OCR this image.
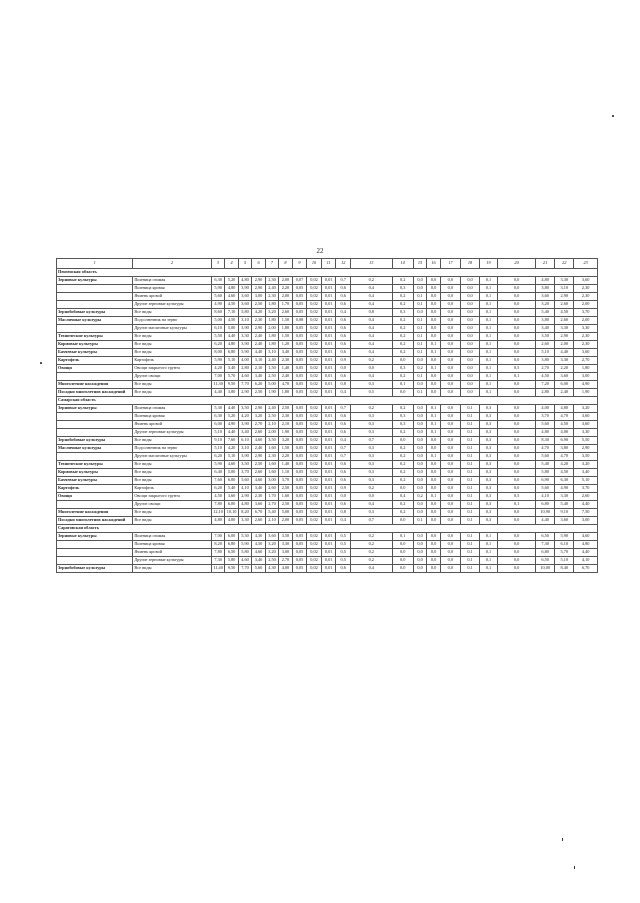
22
1	2	3	4	5	6	7	8	9	10	11	12	13	14	15	16	17	18	19	20	21	22	23
Пензенская область																						
Зерновые культуры	Пшеница озимая	6,30	5,20	4,80	2,90	2,30	2,00	0,07	0,02	0,01	0,7	0,2	0,2	0,0	0,0	0,0	0,0	0,1	0,0	4,80	3,30	3,60
	Пшеница яровая	5,90	4,80	3,90	2,90	2,40	2,20	0,05	0,02	0,01	0,6	0,4	0,3	0,0	0,0	0,0	0,0	0,1	0,0	3,80	3,10	2,30
	Ячмень яровой	5,60	4,60	3,60	3,00	2,30	2,00	0,05	0,02	0,01	0,6	0,4	0,2	0,1	0,0	0,0	0,0	0,1	0,0	3,60	2,90	2,30
	Другие зерновые культуры	4,90	4,50	3,60	2,50	1,80	1,70	0,05	0,02	0,01	0,6	0,4	0,2	0,1	0,0	0,0	0,0	0,1	0,0	3,20	2,60	2,00
Зернобобовые культуры	Все виды	8,60	7,10	5,80	4,20	3,20	2,60	0,05	0,02	0,01	0,4	0,8	0,3	0,0	0,0	0,0	0,0	0,1	0,0	5,40	4,50	3,70
Масличные культуры	Подсолнечник на зерно	5,00	4,50	3,10	2,30	1,80	1,50	0,08	0,02	0,01	0,6	0,4	0,2	0,1	0,0	0,0	0,0	0,1	0,0	3,80	2,60	2,00
	Другие масличные культуры	6,10	5,00	3,90	2,90	2,00	1,80	0,05	0,02	0,01	0,6	0,4	0,2	0,1	0,0	0,0	0,0	0,1	0,0	3,40	3,30	3,30
Технические культуры	Все виды	5,50	4,40	3,30	2,40	1,80	1,50	0,05	0,02	0,01	0,6	0,4	0,2	0,1	0,0	0,0	0,0	0,1	0,0	3,50	2,90	2,30
Кормовые культуры	Все виды	6,20	4,80	3,90	2,40	1,80	1,20	0,05	0,02	0,01	0,6	0,4	0,2	0,1	0,1	0,0	0,0	0,1	0,0	2,60	2,00	2,30
Бахчевые культуры	Все виды	8,00	6,80	5,90	4,40	3,10	3,40	0,05	0,02	0,01	0,6	0,4	0,2	0,1	0,1	0,0	0,0	0,1	0,0	5,10	4,40	3,60
Картофель	Картофель	5,90	5,10	4,00	3,10	2,40	2,30	0,05	0,02	0,01	0,9	0,2	0,0	0,0	0,0	0,0	0,0	0,1	0,0	3,80	3,30	2,70
Овощи	Овощи закрытого грунта	4,20	3,40	2,80	2,10	1,50	1,40	0,05	0,02	0,01	0,0	0,0	0,3	0,2	0,1	0,0	0,0	0,1	0,5	2,70	2,20	1,80
	Другие овощи	7,00	5,70	4,60	3,40	2,50	2,40	0,05	0,02	0,01	0,6	0,4	0,2	0,1	0,0	0,0	0,0	0,1	0,1	4,50	3,60	3,00
Многолетние насаждения	Все виды	11,30	9,50	7,70	6,20	5,00	4,70	0,05	0,02	0,01	0,8	0,3	0,1	0,0	0,0	0,0	0,0	0,1	0,0	7,20	6,00	4,90
Посадки многолетних насаждений	Все виды	4,40	3,80	2,90	2,50	1,90	1,80	0,05	0,02	0,01	0,4	0,5	0,0	0,1	0,0	0,0	0,0	0,1	0,0	2,80	2,40	1,90
Самарская область																						
Зерновые культуры	Пшеница озимая	5,30	4,40	3,50	2,90	2,40	2,50	0,05	0,02	0,01	0,7	0,2	0,2	0,0	0,1	0,0	0,1	0,3	0,0	4,00	4,80	3,20
	Пшеница яровая	6,30	5,20	4,20	3,20	2,50	2,30	0,05	0,02	0,01	0,6	0,3	0,3	0,0	0,1	0,0	0,1	0,3	0,0	3,70	4,70	3,60
	Ячмень яровой	6,00	4,90	3,90	2,70	2,10	2,10	0,05	0,02	0,01	0,6	0,3	0,3	0,0	0,1	0,0	0,1	0,3	0,0	5,60	4,50	3,60
	Другие зерновые культуры	5,10	4,40	3,40	2,60	2,00	1,90	0,05	0,02	0,01	0,6	0,3	0,2	0,0	0,1	0,0	0,1	0,3	0,0	4,80	4,00	3,30
Зернобобовые культуры	Все виды	9,10	7,60	6,10	4,60	3,50	3,20	0,05	0,02	0,01	0,4	0,7	0,0	0,0	0,0	0,0	0,1	0,3	0,0	8,30	6,90	5,50
Масличные культуры	Подсолнечник на зерно	5,10	4,20	3,10	2,40	1,60	1,50	0,05	0,02	0,01	0,7	0,3	0,2	0,0	0,0	0,0	0,1	0,3	0,0	4,70	3,80	2,90
	Другие масличные культуры	6,20	5,10	3,90	2,90	2,30	2,20	0,05	0,02	0,01	0,7	0,3	0,2	0,0	0,1	0,0	0,1	0,3	0,0	5,60	4,70	3,50
Технические культуры	Все виды	5,90	4,60	3,50	2,50	1,60	1,40	0,05	0,02	0,01	0,6	0,3	0,2	0,0	0,0	0,0	0,1	0,3	0,0	5,40	4,20	3,20
Кормовые культуры	Все виды	6,40	5,00	3,70	2,60	1,60	1,10	0,05	0,02	0,01	0,6	0,3	0,2	0,0	0,0	0,0	0,1	0,3	0,0	5,80	4,50	3,40
Бахчевые культуры	Все виды	7,60	6,00	5,60	4,60	3,00	3,70	0,05	0,02	0,01	0,6	0,3	0,2	0,0	0,0	0,0	0,1	0,3	0,0	6,90	6,30	5,10
Картофель	Картофель	6,20	5,40	4,10	3,40	2,60	2,50	0,05	0,02	0,01	0,9	0,2	0,0	0,0	0,0	0,0	0,1	0,3	0,0	5,60	4,90	3,70
Овощи	Овощи закрытого грунта	4,50	3,60	2,90	2,30	1,70	1,60	0,05	0,02	0,01	0,0	0,0	0,4	0,2	0,1	0,0	0,1	0,3	0,5	4,10	3,30	2,60
	Другие овощи	7,80	6,00	4,80	3,60	2,70	2,50	0,05	0,02	0,01	0,6	0,4	0,2	0,0	0,0	0,0	0,1	0,3	0,1	6,80	5,40	4,40
Многолетние насаждения	Все виды	12,10	10,10	8,20	6,70	5,40	5,00	0,05	0,02	0,01	0,8	0,3	0,2	0,0	0,0	0,0	0,1	0,3	0,0	10,90	9,10	7,50
Посадки многолетних насаждений	Все виды	4,80	4,00	3,30	2,60	2,10	2,00	0,05	0,02	0,01	0,4	0,7	0,0	0,1	0,0	0,0	0,1	0,3	0,0	4,40	3,60	3,00
Саратовская область																						
Зерновые культуры	Пшеница озимая	7,00	6,00	5,30	4,30	3,60	3,50	0,05	0,02	0,01	0,5	0,2	0,1	0,0	0,0	0,0	0,1	0,1	0,0	6,50	5,90	4,60
	Пшеница яровая	8,20	6,80	5,90	4,50	3,20	3,30	0,05	0,02	0,01	0,5	0,2	0,0	0,0	0,0	0,0	0,1	0,1	0,0	7,30	6,10	4,80
	Ячмень яровой	7,80	6,50	5,80	4,60	3,20	3,00	0,05	0,02	0,01	0,5	0,2	0,0	0,0	0,0	0,0	0,1	0,1	0,0	6,80	5,70	4,40
	Другие зерновые культуры	7,30	5,80	4,60	3,40	2,50	2,70	0,05	0,02	0,01	0,5	0,2	0,0	0,0	0,0	0,0	0,1	0,1	0,0	6,50	5,10	4,10
Зернобобовые культуры	Все виды	11,40	9,50	7,70	5,60	4,30	4,00	0,05	0,02	0,01	0,6	0,4	0,0	0,0	0,0	0,0	0,1	0,1	0,0	10,00	8,40	6,70
